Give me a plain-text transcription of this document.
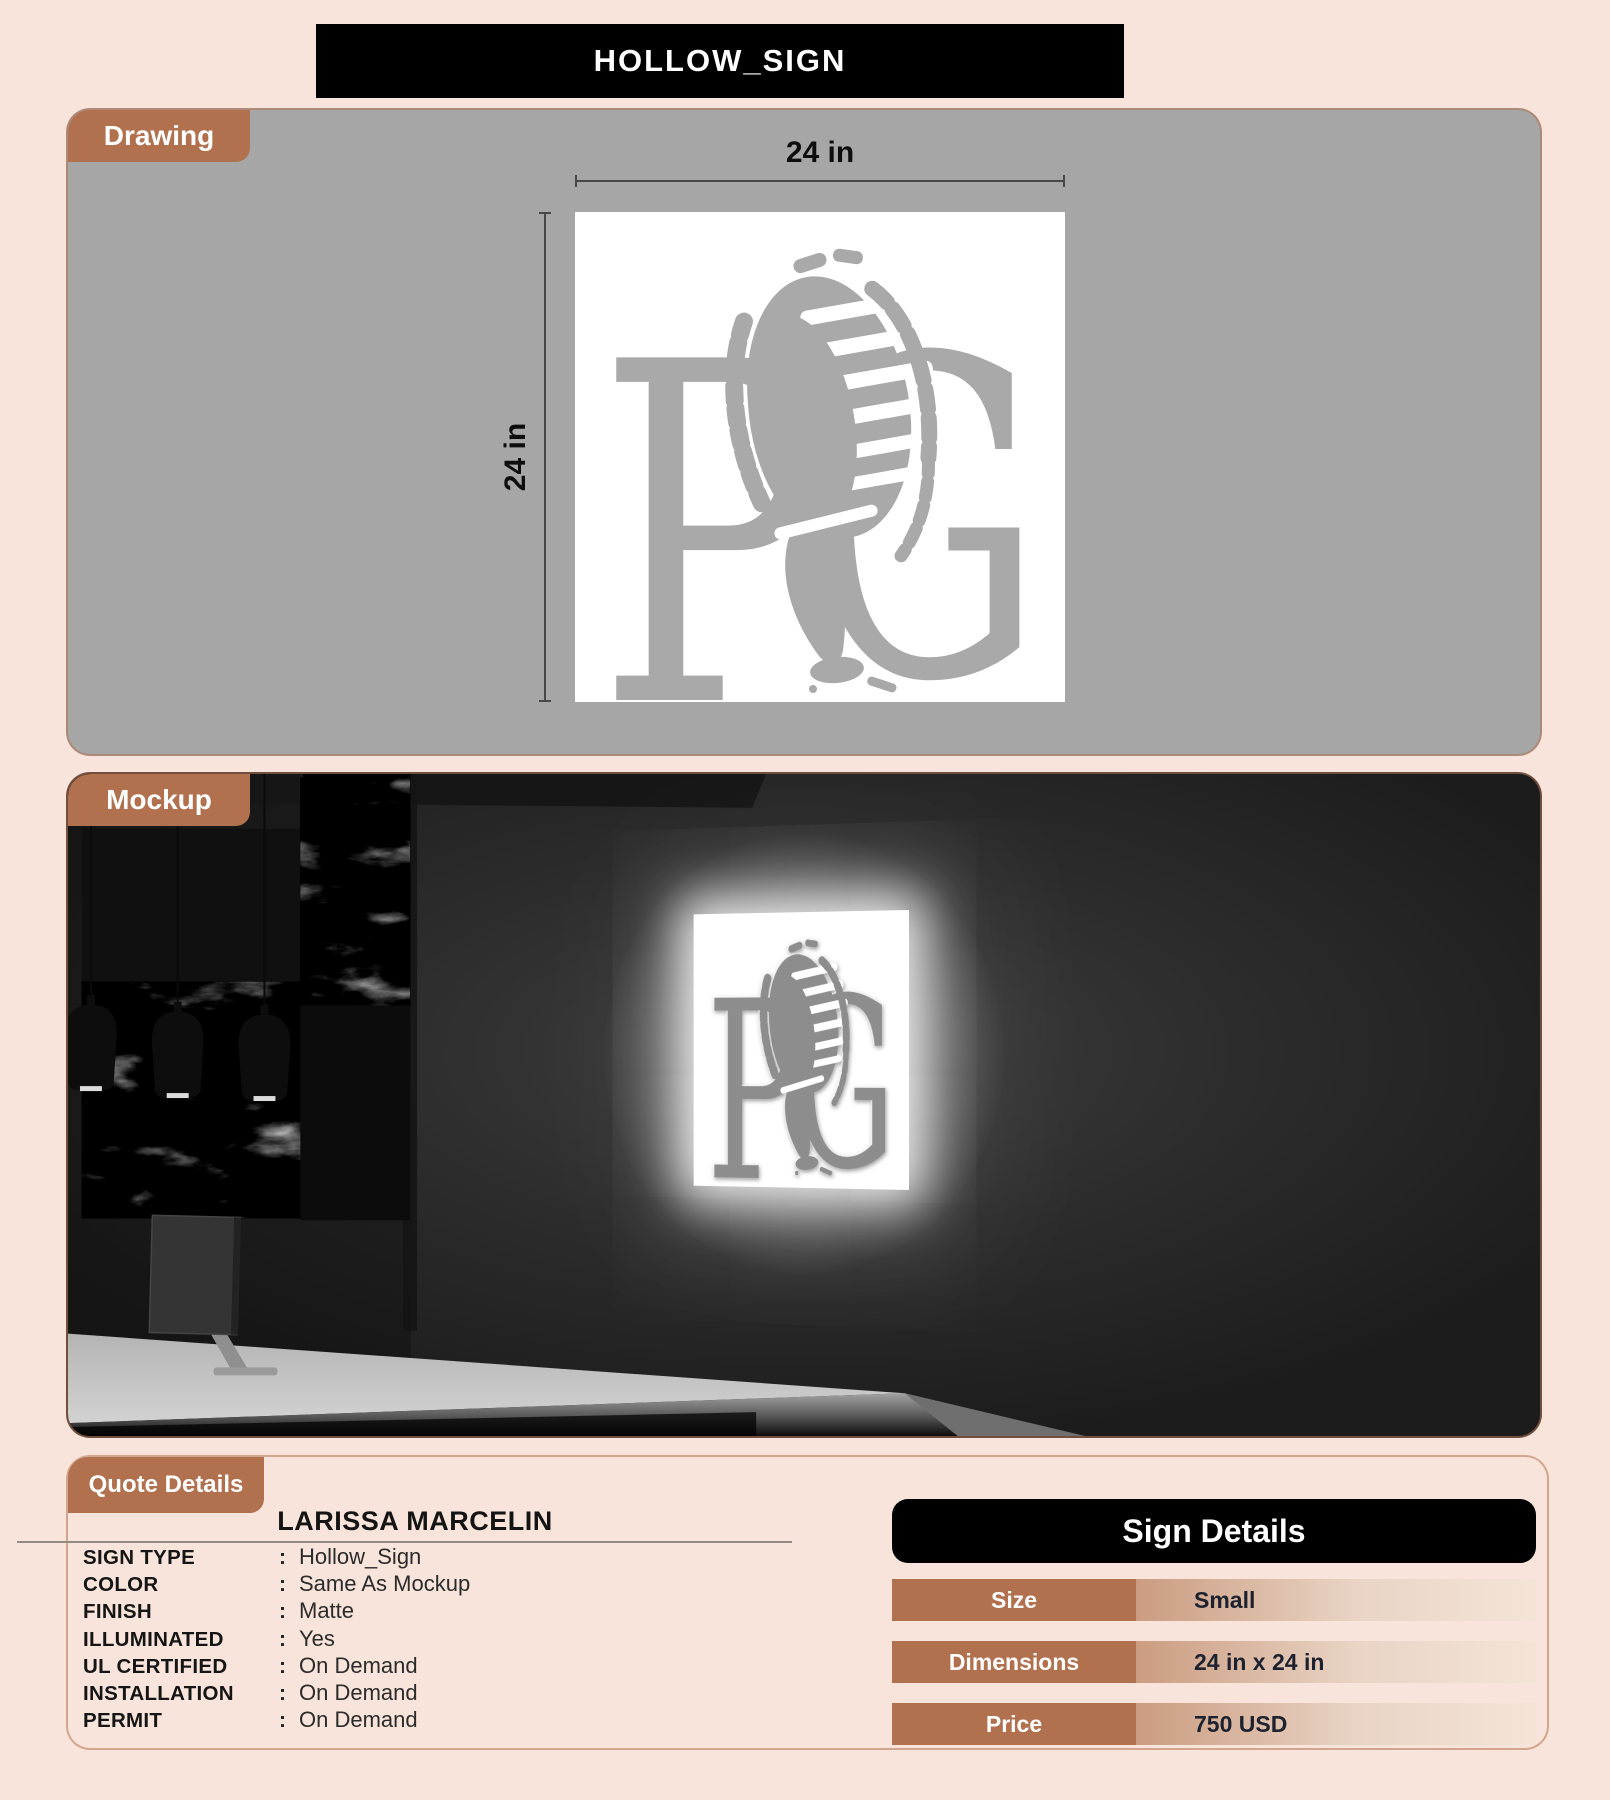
HOLLOW_SIGN
Drawing
24 in
24 in
Mockup
Quote Details
Sign Details
Size	Small
Dimensions	24 in x 24 in
Price	750 USD
LARISSA MARCELIN
SIGN TYPE	: Hollow_Sign
COLOR	: Same As Mockup
FINISH	: Matte
ILLUMINATED	: Yes
UL CERTIFIED	: On Demand
INSTALLATION	: On Demand
PERMIT	: On Demand
